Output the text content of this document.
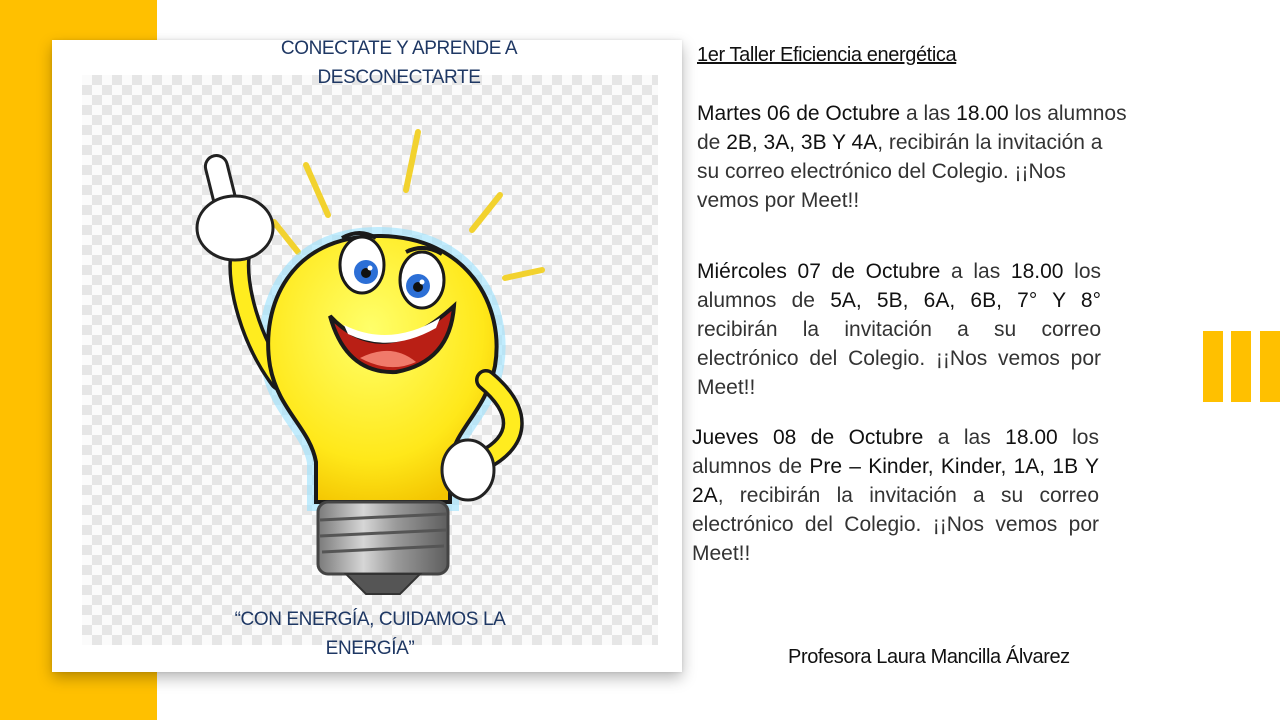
CONECTATE Y APRENDE A DESCONECTARTE
“CON ENERGÍA, CUIDAMOS LA ENERGÍA”
1er Taller Eficiencia energética
Martes 06 de Octubre a las 18.00 los alumnos de 2B, 3A, 3B Y 4A, recibirán la invitación a su correo electrónico del Colegio. ¡¡Nos vemos por Meet!!
Miércoles 07 de Octubre a las 18.00 los alumnos de 5A, 5B, 6A, 6B, 7° Y 8° recibirán la invitación a su correo electrónico del Colegio. ¡¡Nos vemos por Meet!!
Jueves 08 de Octubre a las 18.00 los alumnos de Pre – Kinder, Kinder, 1A, 1B Y 2A, recibirán la invitación a su correo electrónico del Colegio. ¡¡Nos vemos por Meet!!
Profesora Laura Mancilla Álvarez
